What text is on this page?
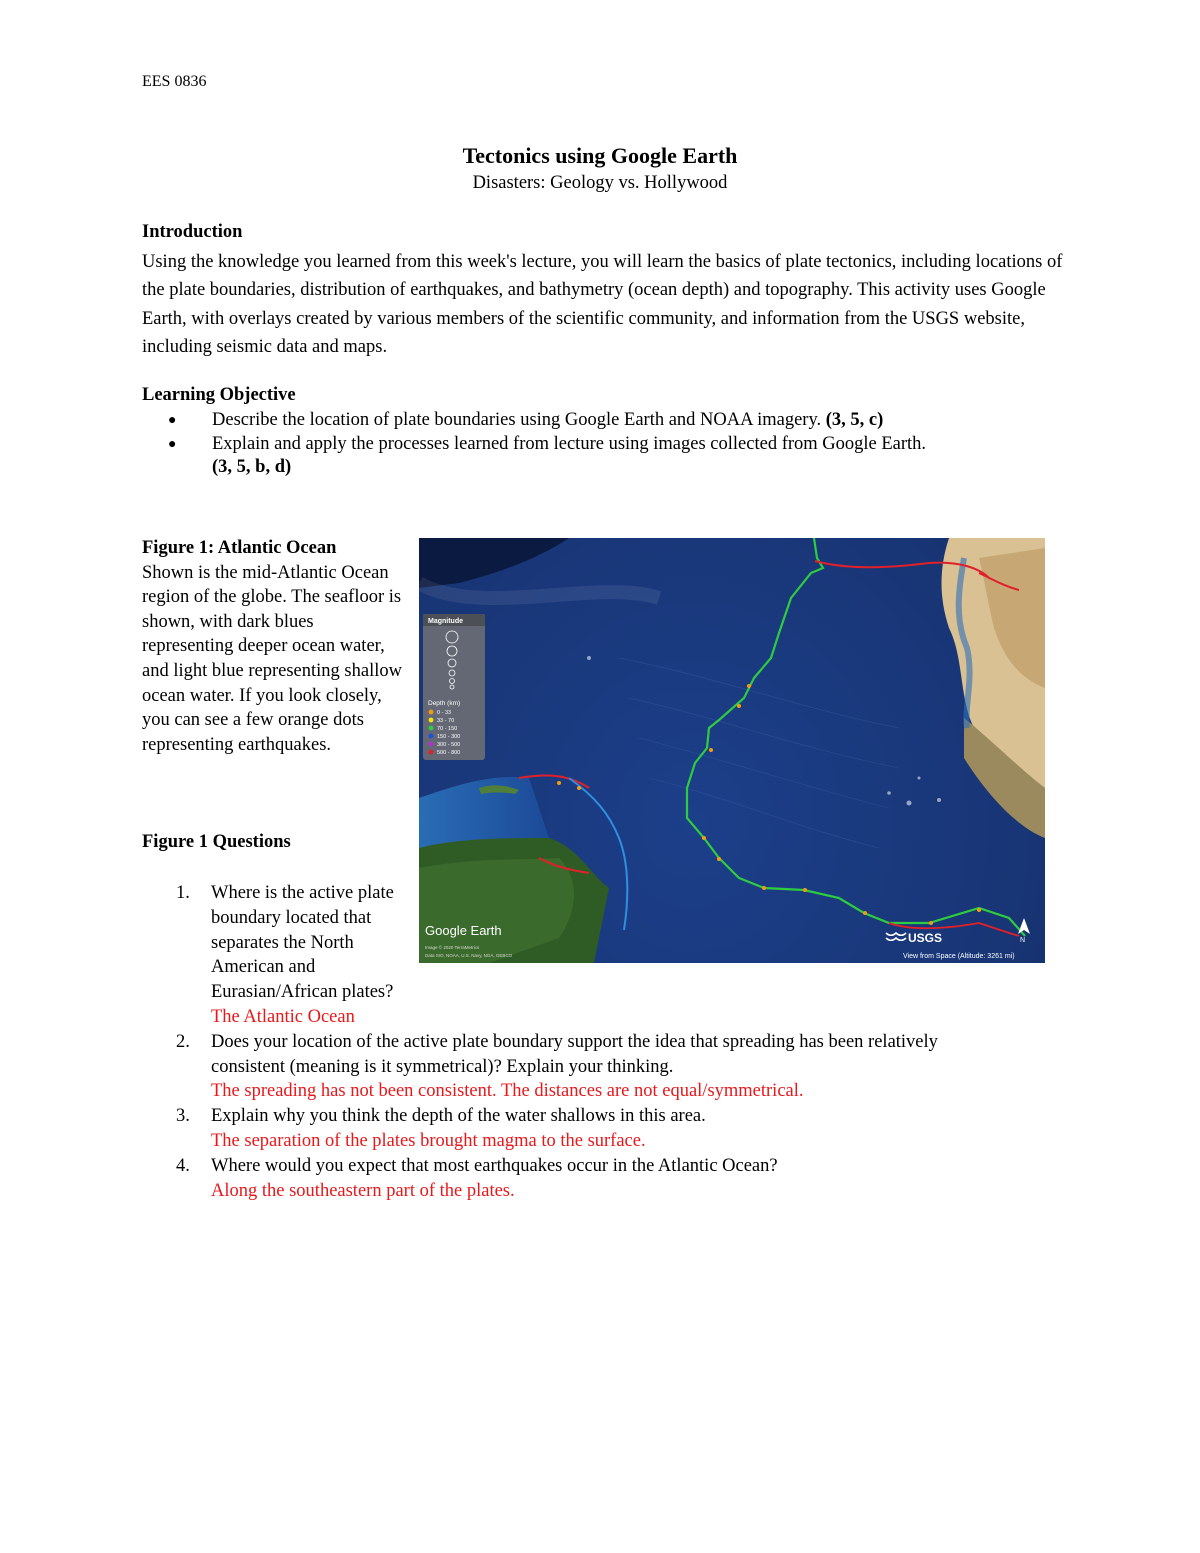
EES 0836
Tectonics using Google Earth
Disasters: Geology vs. Hollywood
Introduction
Using the knowledge you learned from this week's lecture, you will learn the basics of plate tectonics, including locations of the plate boundaries, distribution of earthquakes, and bathymetry (ocean depth) and topography. This activity uses Google Earth, with overlays created by various members of the scientific community, and information from the USGS website, including seismic data and maps.
Learning Objective
● Describe the location of plate boundaries using Google Earth and NOAA imagery. (3, 5, c)
● Explain and apply the processes learned from lecture using images collected from Google Earth.
(3, 5, b, d)
Figure 1: Atlantic Ocean
Shown is the mid-Atlantic Ocean region of the globe. The seafloor is shown, with dark blues representing deeper ocean water, and light blue representing shallow ocean water. If you look closely, you can see a few orange dots representing earthquakes.
Magnitude
Depth (km)
0 - 33
33 - 70
70 - 150
150 - 300
300 - 500
500 - 800
Google Earth
Image © 2020 TerraMetrics
Data SIO, NOAA, U.S. Navy, NGA, GEBCO
USGS	N
View from Space (Altitude: 3261 mi)
Figure 1 Questions
1. Where is the active plate boundary located that separates the North American and Eurasian/African plates?
The Atlantic Ocean
2. Does your location of the active plate boundary support the idea that spreading has been relatively consistent (meaning is it symmetrical)? Explain your thinking.
The spreading has not been consistent. The distances are not equal/symmetrical.
3. Explain why you think the depth of the water shallows in this area.
The separation of the plates brought magma to the surface.
4. Where would you expect that most earthquakes occur in the Atlantic Ocean?
Along the southeastern part of the plates.
